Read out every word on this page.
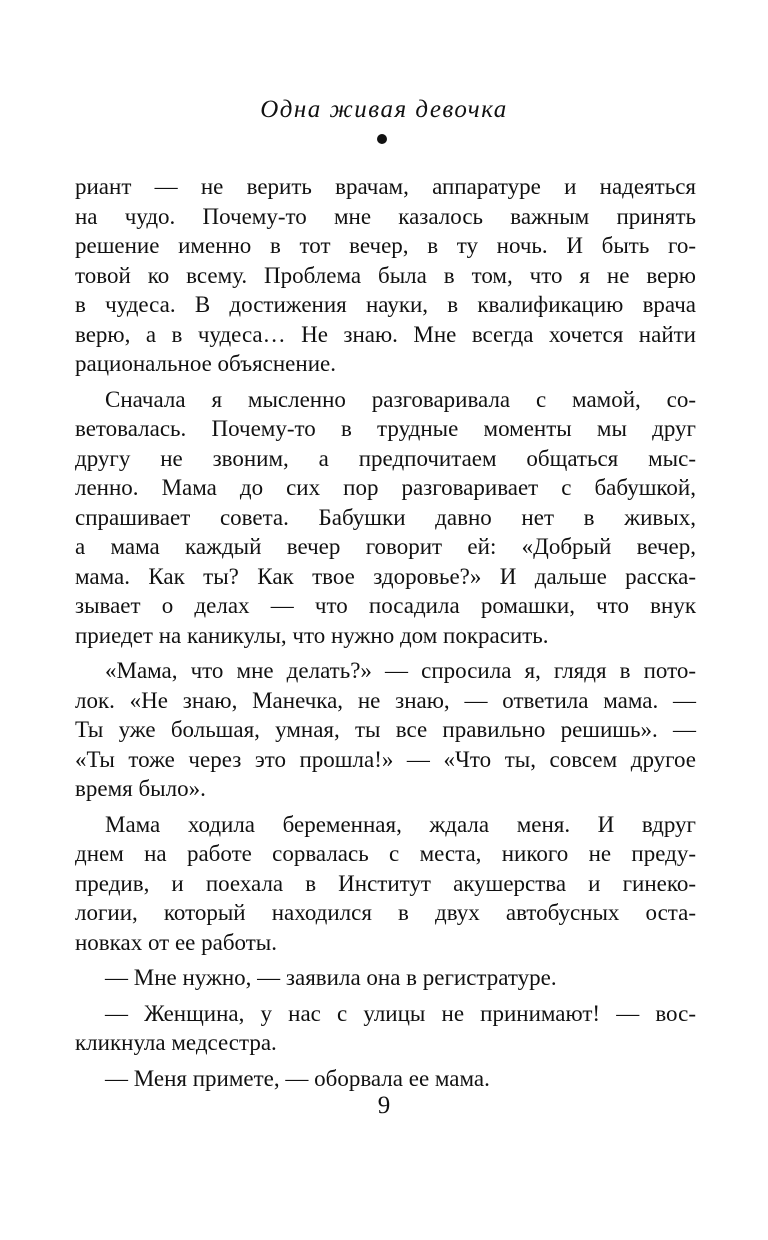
Одна живая девочка
риант — не верить врачам, аппаратуре и надеяться
на чудо. Почему-то мне казалось важным принять
решение именно в тот вечер, в ту ночь. И быть го-
товой ко всему. Проблема была в том, что я не верю
в чудеса. В достижения науки, в квалификацию врача
верю, а в чудеса… Не знаю. Мне всегда хочется найти
рациональное объяснение.
Сначала я мысленно разговаривала с мамой, со-
ветовалась. Почему-то в трудные моменты мы друг
другу не звоним, а предпочитаем общаться мыс-
ленно. Мама до сих пор разговаривает с бабушкой,
спрашивает совета. Бабушки давно нет в живых,
а мама каждый вечер говорит ей: «Добрый вечер,
мама. Как ты? Как твое здоровье?» И дальше расска-
зывает о делах — что посадила ромашки, что внук
приедет на каникулы, что нужно дом покрасить.
«Мама, что мне делать?» — спросила я, глядя в пото-
лок. «Не знаю, Манечка, не знаю, — ответила мама. —
Ты уже большая, умная, ты все правильно решишь». —
«Ты тоже через это прошла!» — «Что ты, совсем другое
время было».
Мама ходила беременная, ждала меня. И вдруг
днем на работе сорвалась с места, никого не преду-
предив, и поехала в Институт акушерства и гинеко-
логии, который находился в двух автобусных оста-
новках от ее работы.
— Мне нужно, — заявила она в регистратуре.
— Женщина, у нас с улицы не принимают! — вос-
кликнула медсестра.
— Меня примете, — оборвала ее мама.
9
